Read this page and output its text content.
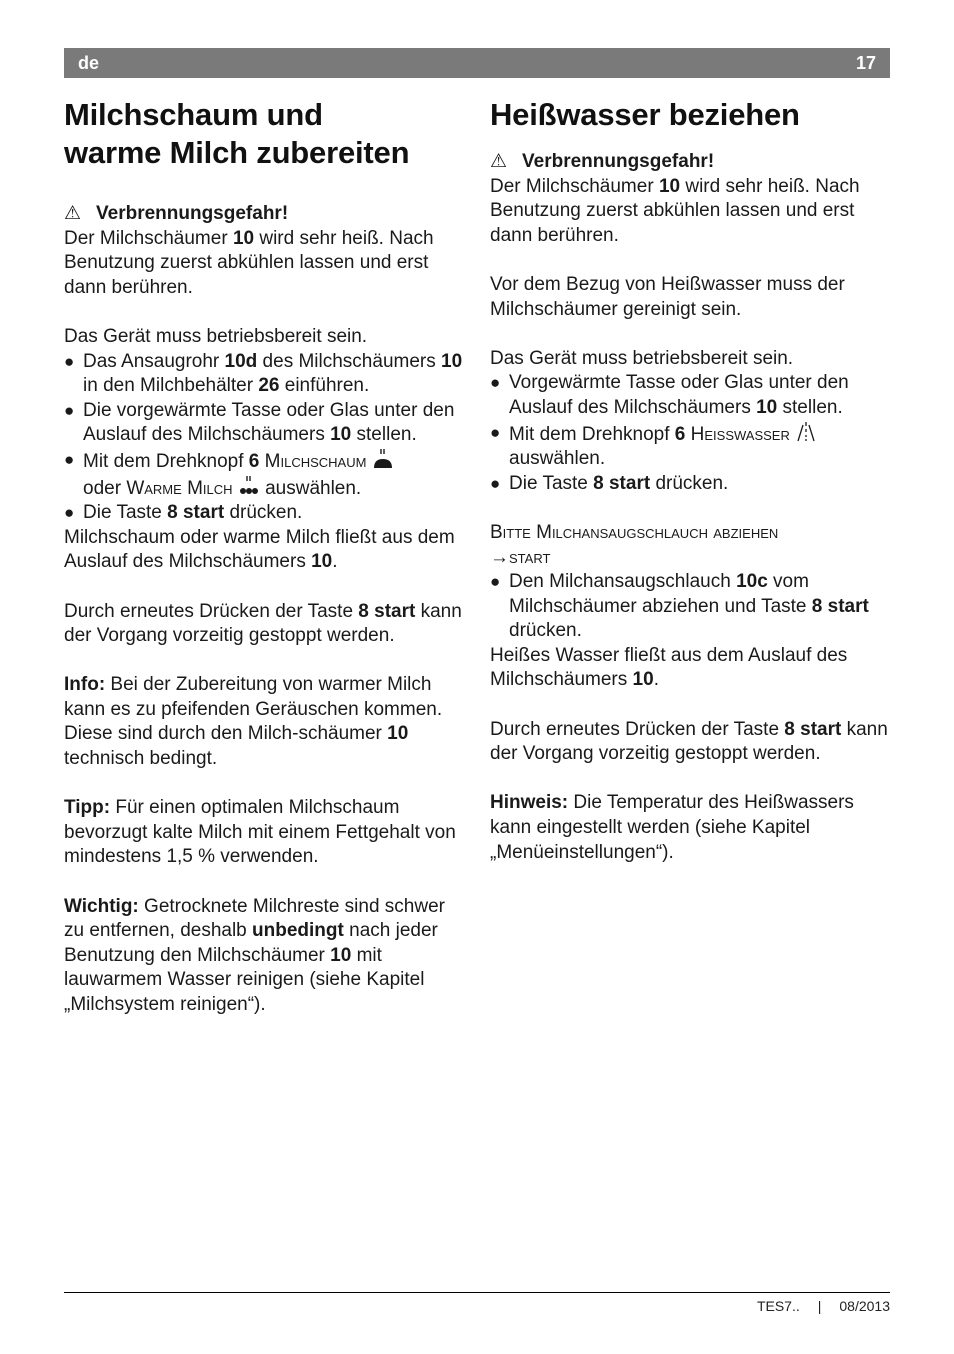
de	17
Milchschaum und
warme Milch zubereiten

⚠ Verbrennungsgefahr!

Der Milchschäumer 10 wird sehr heiß. Nach Benutzung zuerst abkühlen lassen und erst dann berühren.

Das Gerät muss betriebsbereit sein.

● Das Ansaugrohr 10d des Milchschäumers 10 in den Milchbehälter 26 einführen.
● Die vorgewärmte Tasse oder Glas unter den Auslauf des Milchschäumers 10 stellen.
● Mit dem Drehknopf 6 Milchschaum
oder Warme Milch  auswählen.
● Die Taste 8 start drücken.

Milchschaum oder warme Milch fließt aus dem Auslauf des Milchschäumers 10.

Durch erneutes Drücken der Taste 8 start kann der Vorgang vorzeitig gestoppt werden.

Info: Bei der Zubereitung von warmer Milch kann es zu pfeifenden Geräuschen kommen. Diese sind durch den Milch-schäumer 10 technisch bedingt.

Tipp: Für einen optimalen Milchschaum bevorzugt kalte Milch mit einem Fettgehalt von mindestens 1,5 % verwenden.

Wichtig: Getrocknete Milchreste sind schwer zu entfernen, deshalb unbedingt nach jeder Benutzung den Milchschäumer 10 mit lauwarmem Wasser reinigen (siehe Kapitel „Milchsystem reinigen“).

Heißwasser beziehen

⚠ Verbrennungsgefahr!

Der Milchschäumer 10 wird sehr heiß. Nach Benutzung zuerst abkühlen lassen und erst dann berühren.

Vor dem Bezug von Heißwasser muss der Milchschäumer gereinigt sein.

Das Gerät muss betriebsbereit sein.

● Vorgewärmte Tasse oder Glas unter den Auslauf des Milchschäumers 10 stellen.
● Mit dem Drehknopf 6 Heisswasser
auswählen.
● Die Taste 8 start drücken.

Bitte Milchansaugschlauch abziehen
→start

● Den Milchansaugschlauch 10c vom Milchschäumer abziehen und Taste 8 start drücken.

Heißes Wasser fließt aus dem Auslauf des Milchschäumers 10.

Durch erneutes Drücken der Taste 8 start kann der Vorgang vorzeitig gestoppt werden.

Hinweis: Die Temperatur des Heißwassers kann eingestellt werden (siehe Kapitel „Menüeinstellungen“).

TES7.. | 08/2013
